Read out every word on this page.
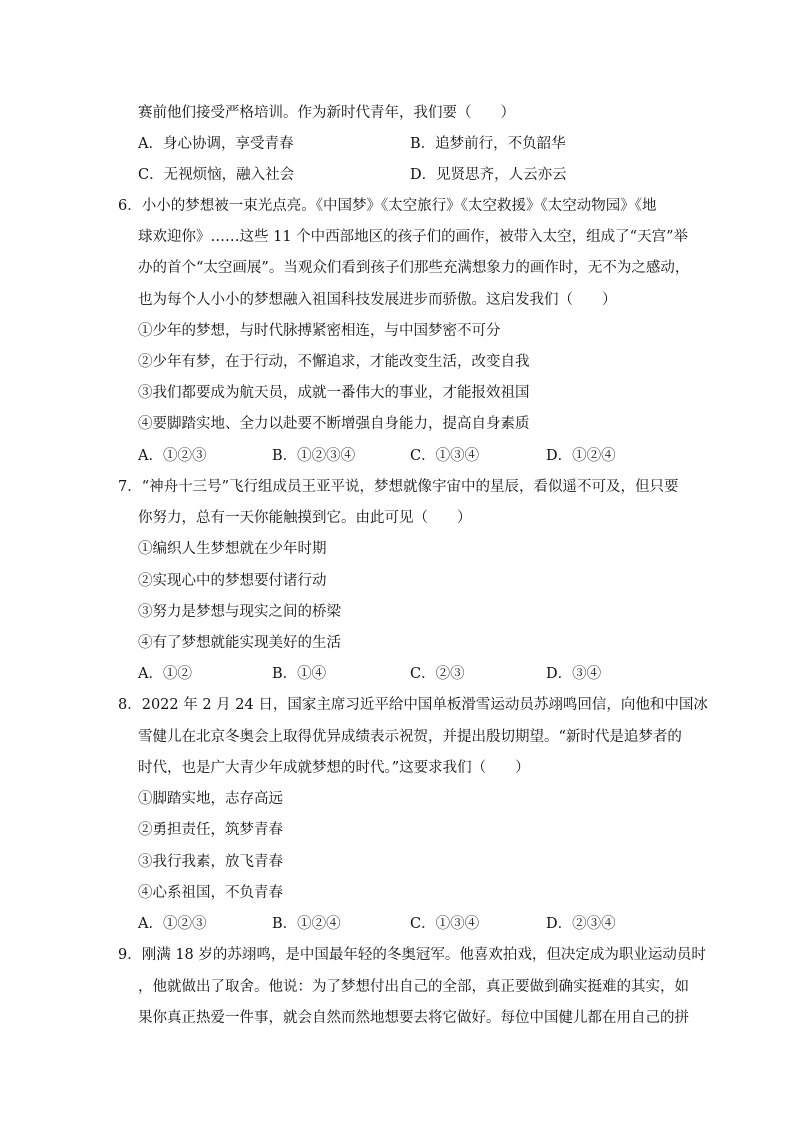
赛前他们接受严格培训。作为新时代青年，我们要（　　）
A．身心协调，享受青春	B．追梦前行，不负韶华
C．无视烦恼，融入社会	D．见贤思齐，人云亦云
6．小小的梦想被一束光点亮。《中国梦》《太空旅行》《太空救援》《太空动物园》《地
球欢迎你》……这些 11 个中西部地区的孩子们的画作，被带入太空，组成了“天宫”举
办的首个“太空画展”。当观众们看到孩子们那些充满想象力的画作时，无不为之感动，
也为每个人小小的梦想融入祖国科技发展进步而骄傲。这启发我们（　　）
①少年的梦想，与时代脉搏紧密相连，与中国梦密不可分
②少年有梦，在于行动，不懈追求，才能改变生活，改变自我
③我们都要成为航天员，成就一番伟大的事业，才能报效祖国
④要脚踏实地、全力以赴要不断增强自身能力，提高自身素质
A．①②③	B．①②③④	C．①③④	D．①②④
7．“神舟十三号”飞行组成员王亚平说，梦想就像宇宙中的星辰，看似遥不可及，但只要
你努力，总有一天你能触摸到它。由此可见（　　）
①编织人生梦想就在少年时期
②实现心中的梦想要付诸行动
③努力是梦想与现实之间的桥梁
④有了梦想就能实现美好的生活
A．①②	B．①④	C．②③	D．③④
8．2022 年 2 月 24 日，国家主席习近平给中国单板滑雪运动员苏翊鸣回信，向他和中国冰
雪健儿在北京冬奥会上取得优异成绩表示祝贺，并提出殷切期望。“新时代是追梦者的
时代，也是广大青少年成就梦想的时代。”这要求我们（　　）
①脚踏实地，志存高远
②勇担责任，筑梦青春
③我行我素，放飞青春
④心系祖国，不负青春
A．①②③	B．①②④	C．①③④	D．②③④
9．刚满 18 岁的苏翊鸣，是中国最年轻的冬奥冠军。他喜欢拍戏，但决定成为职业运动员时
，他就做出了取舍。他说：为了梦想付出自己的全部，真正要做到确实挺难的其实，如
果你真正热爱一件事，就会自然而然地想要去将它做好。每位中国健儿都在用自己的拼
